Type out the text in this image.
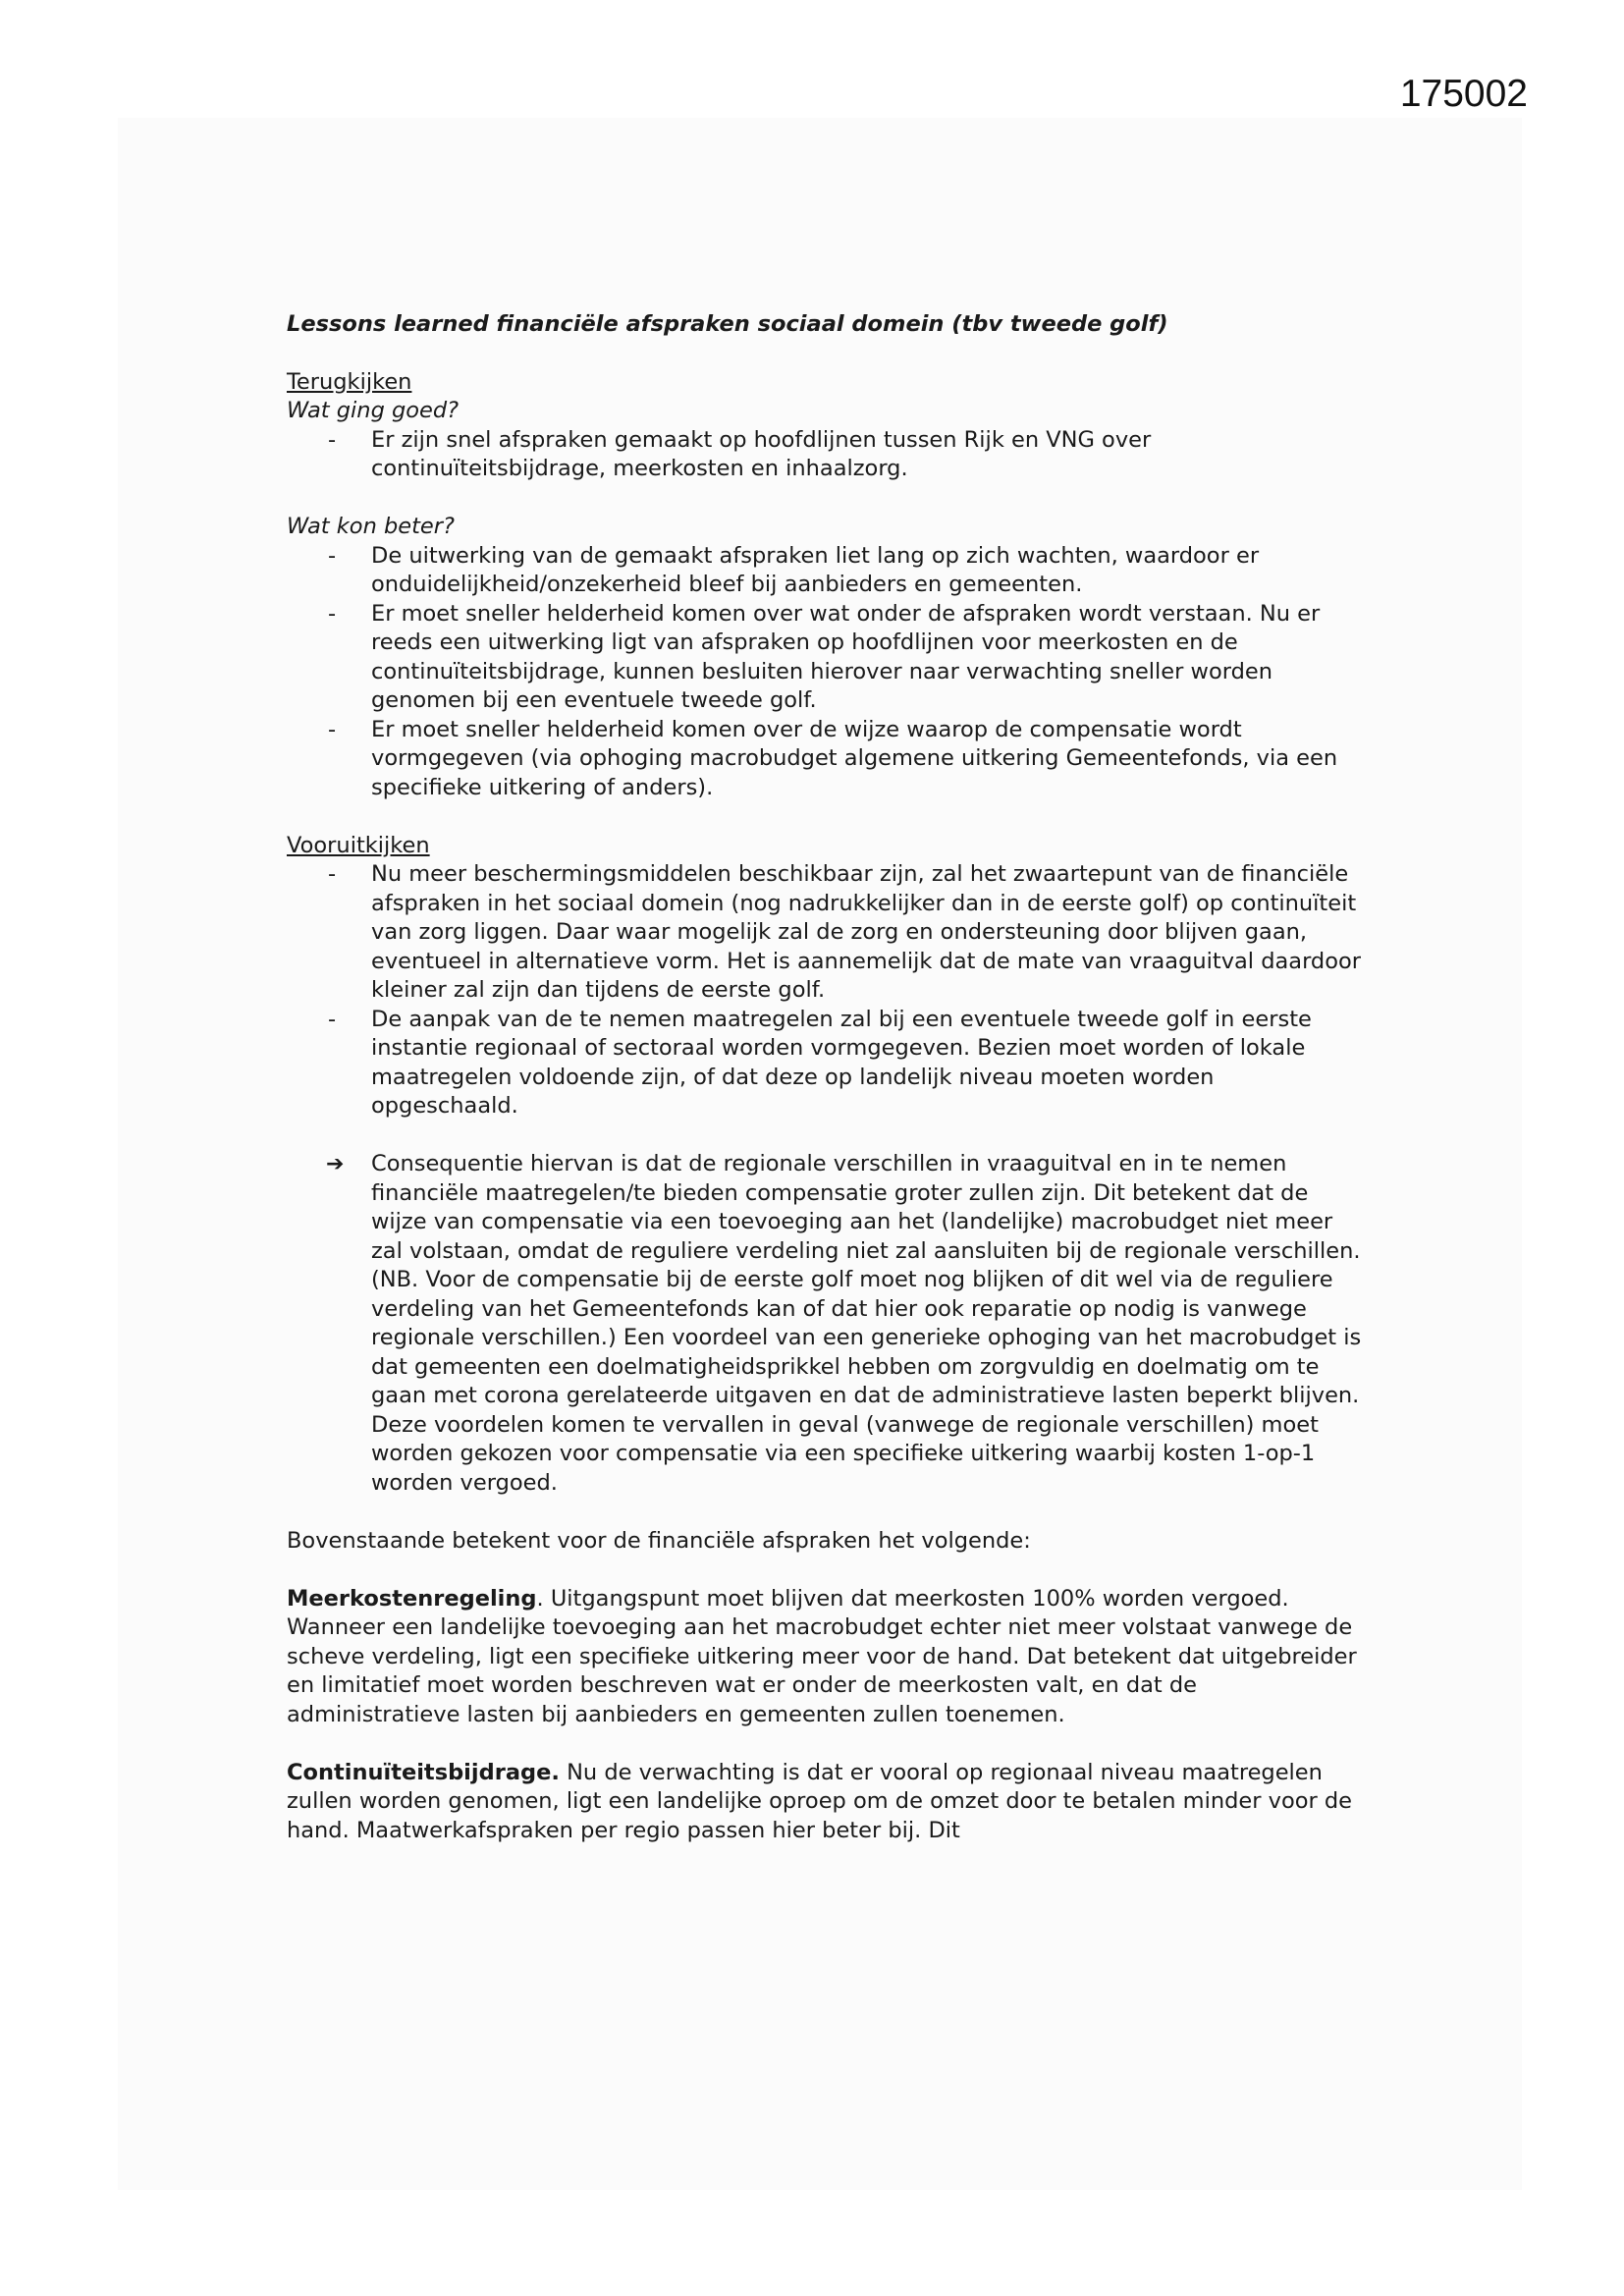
175002

Lessons learned financiële afspraken sociaal domein (tbv tweede golf)

Terugkijken

Wat ging goed?

- Er zijn snel afspraken gemaakt op hoofdlijnen tussen Rijk en VNG over continuïteitsbijdrage, meerkosten en inhaalzorg.

Wat kon beter?

- De uitwerking van de gemaakt afspraken liet lang op zich wachten, waardoor er onduidelijkheid/onzekerheid bleef bij aanbieders en gemeenten.
- Er moet sneller helderheid komen over wat onder de afspraken wordt verstaan. Nu er reeds een uitwerking ligt van afspraken op hoofdlijnen voor meerkosten en de continuïteitsbijdrage, kunnen besluiten hierover naar verwachting sneller worden genomen bij een eventuele tweede golf.
- Er moet sneller helderheid komen over de wijze waarop de compensatie wordt vormgegeven (via ophoging macrobudget algemene uitkering Gemeentefonds, via een specifieke uitkering of anders).

Vooruitkijken

- Nu meer beschermingsmiddelen beschikbaar zijn, zal het zwaartepunt van de financiële afspraken in het sociaal domein (nog nadrukkelijker dan in de eerste golf) op continuïteit van zorg liggen. Daar waar mogelijk zal de zorg en ondersteuning door blijven gaan, eventueel in alternatieve vorm. Het is aannemelijk dat de mate van vraaguitval daardoor kleiner zal zijn dan tijdens de eerste golf.
- De aanpak van de te nemen maatregelen zal bij een eventuele tweede golf in eerste instantie regionaal of sectoraal worden vormgegeven. Bezien moet worden of lokale maatregelen voldoende zijn, of dat deze op landelijk niveau moeten worden opgeschaald.
➔ Consequentie hiervan is dat de regionale verschillen in vraaguitval en in te nemen financiële maatregelen/te bieden compensatie groter zullen zijn. Dit betekent dat de wijze van compensatie via een toevoeging aan het (landelijke) macrobudget niet meer zal volstaan, omdat de reguliere verdeling niet zal aansluiten bij de regionale verschillen. (NB. Voor de compensatie bij de eerste golf moet nog blijken of dit wel via de reguliere verdeling van het Gemeentefonds kan of dat hier ook reparatie op nodig is vanwege regionale verschillen.) Een voordeel van een generieke ophoging van het macrobudget is dat gemeenten een doelmatigheidsprikkel hebben om zorgvuldig en doelmatig om te gaan met corona gerelateerde uitgaven en dat de administratieve lasten beperkt blijven. Deze voordelen komen te vervallen in geval (vanwege de regionale verschillen) moet worden gekozen voor compensatie via een specifieke uitkering waarbij kosten 1-op-1 worden vergoed.

Bovenstaande betekent voor de financiële afspraken het volgende:

Meerkostenregeling. Uitgangspunt moet blijven dat meerkosten 100% worden vergoed. Wanneer een landelijke toevoeging aan het macrobudget echter niet meer volstaat vanwege de scheve verdeling, ligt een specifieke uitkering meer voor de hand. Dat betekent dat uitgebreider en limitatief moet worden beschreven wat er onder de meerkosten valt, en dat de administratieve lasten bij aanbieders en gemeenten zullen toenemen.

Continuïteitsbijdrage. Nu de verwachting is dat er vooral op regionaal niveau maatregelen zullen worden genomen, ligt een landelijke oproep om de omzet door te betalen minder voor de hand. Maatwerkafspraken per regio passen hier beter bij. Dit
